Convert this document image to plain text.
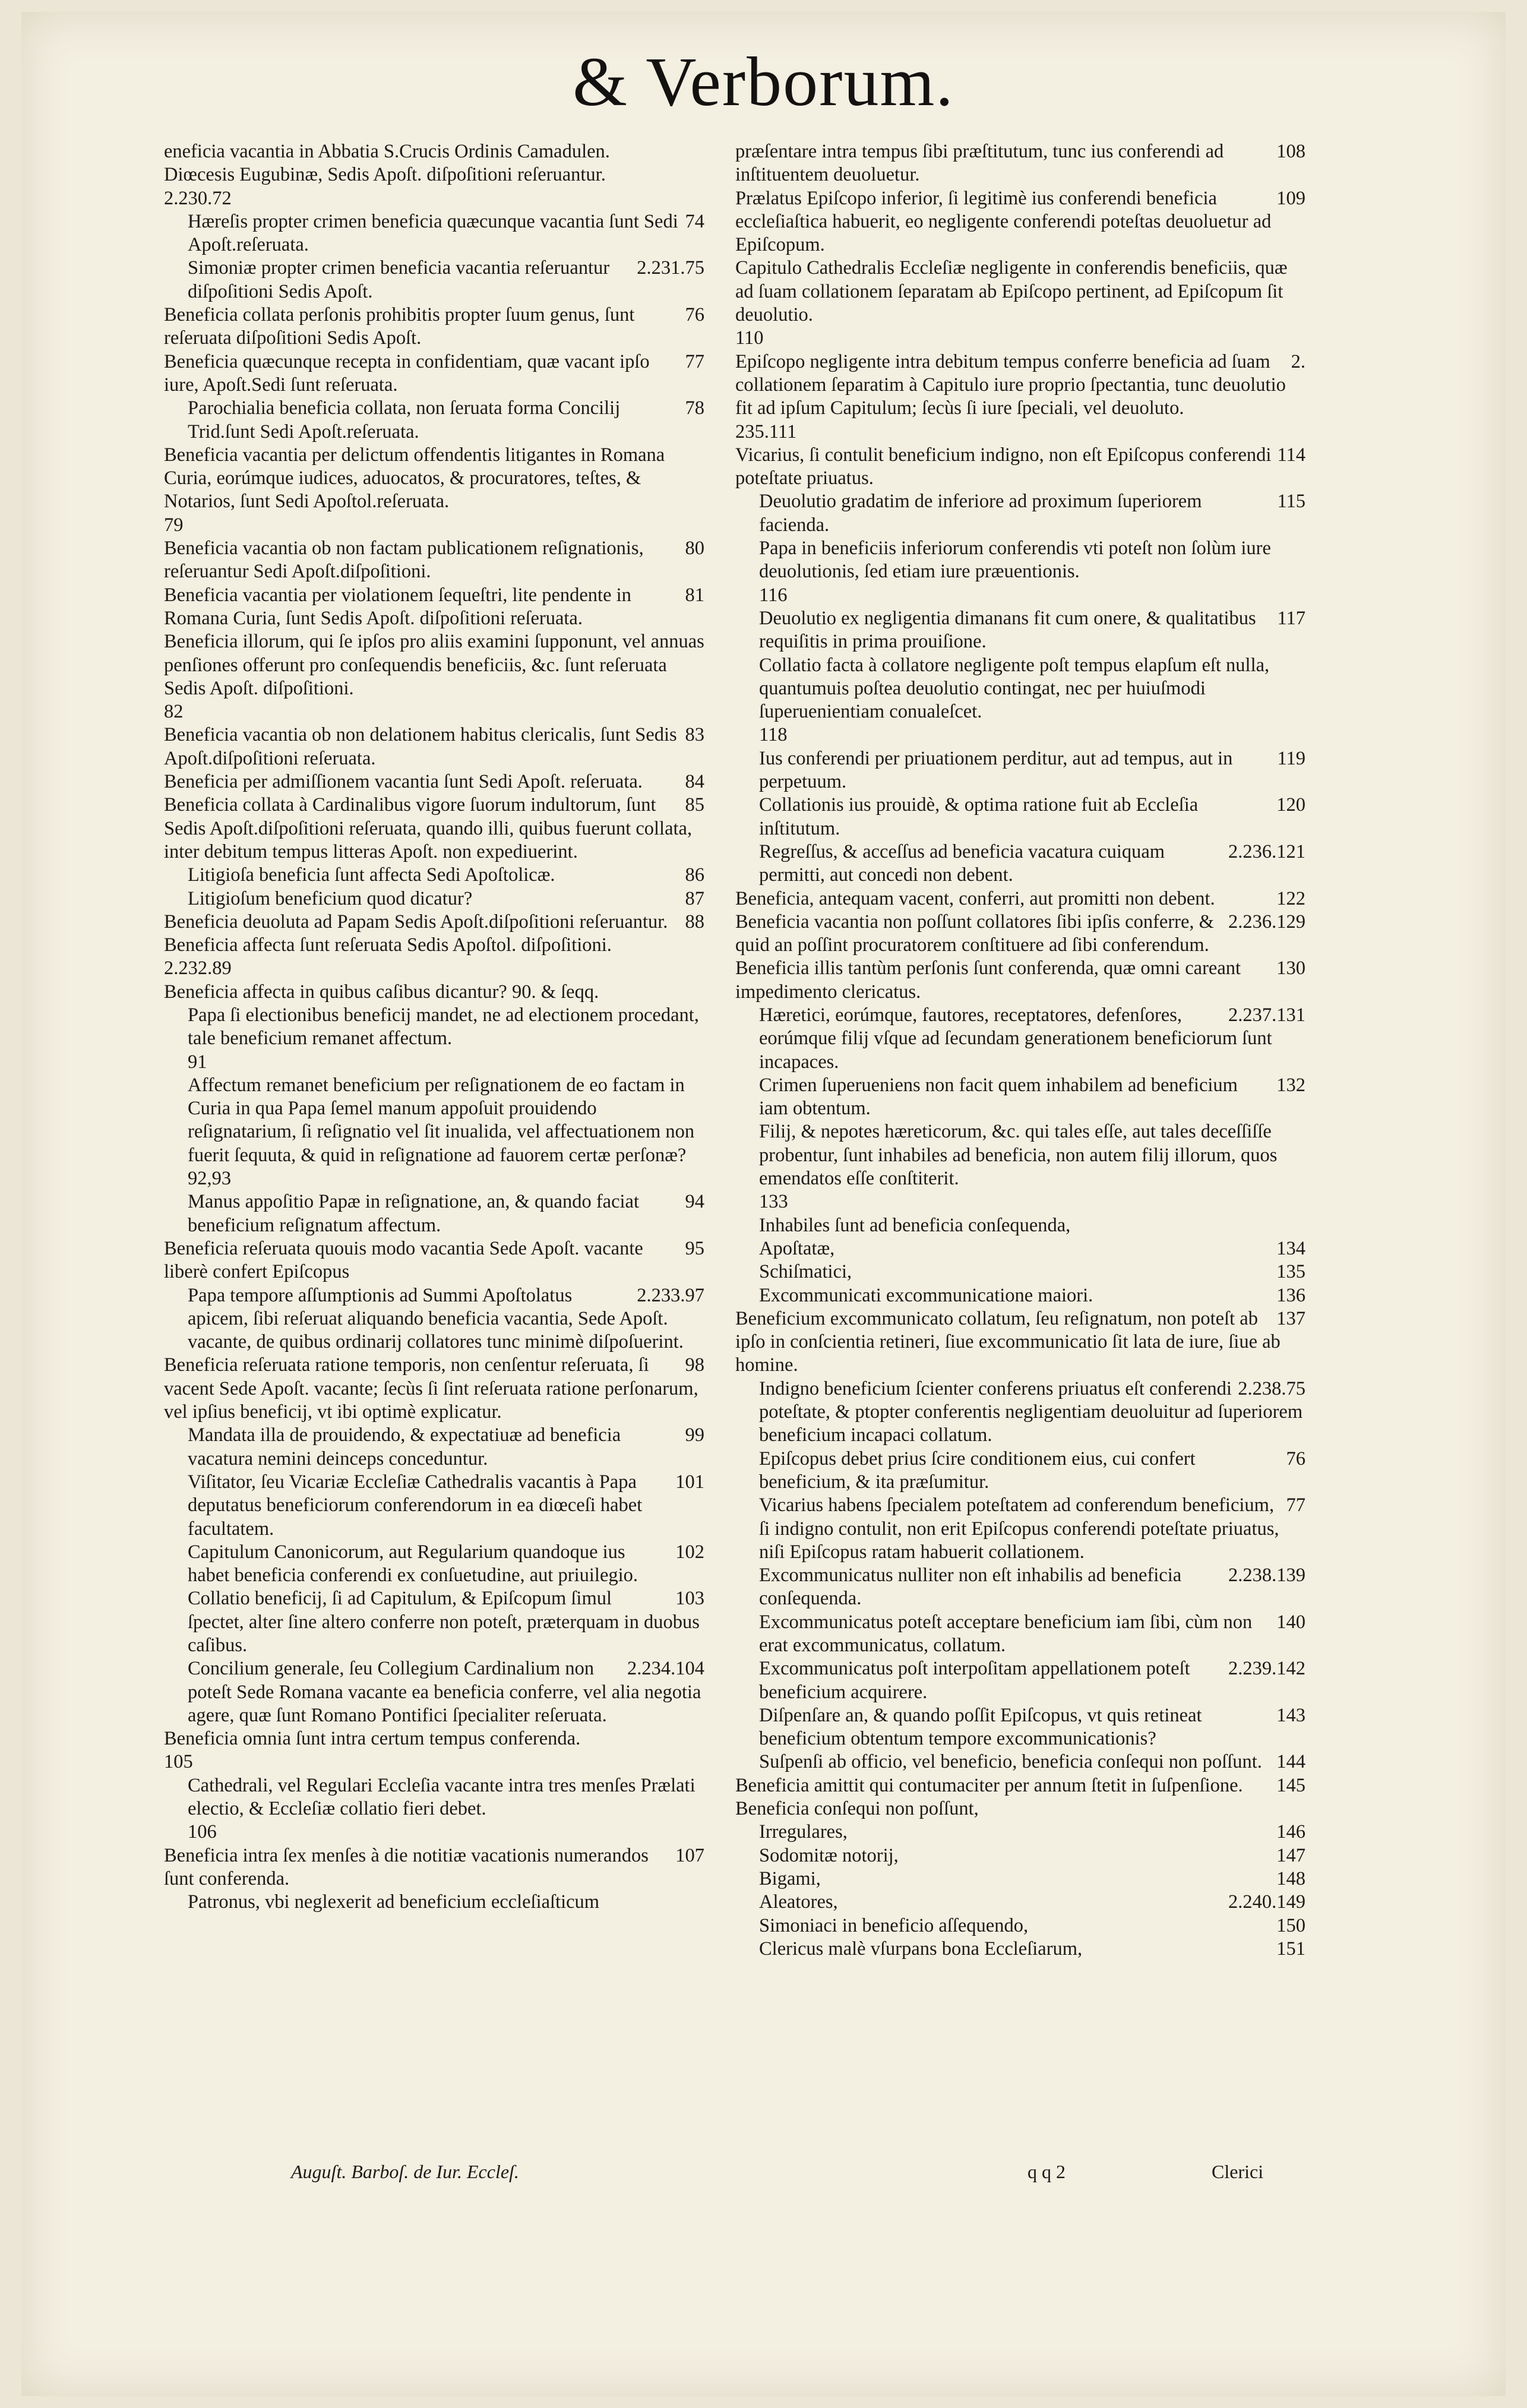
& Verborum.

eneficia vacantia in Abbatia S.Crucis Ordinis Camadulen.

Diœcesis Eugubinæ, Sedis Apoſt. diſpoſitioni reſeruantur.

2.230.72

74
Hæreſis propter crimen beneficia quæcunque vacantia ſunt Sedi Apoſt.reſeruata.

2.231.75
Simoniæ propter crimen beneficia vacantia reſeruantur diſpoſitioni Sedis Apoſt.

76
Beneficia collata perſonis prohibitis propter ſuum genus, ſunt reſeruata diſpoſitioni Sedis Apoſt.

77
Beneficia quæcunque recepta in confidentiam, quæ vacant ipſo iure, Apoſt.Sedi ſunt reſeruata.

78
Parochialia beneficia collata, non ſeruata forma Concilij Trid.ſunt Sedi Apoſt.reſeruata.

Beneficia vacantia per delictum offendentis litigantes in Romana Curia, eorúmque iudices, aduocatos, & procuratores, teſtes, & Notarios, ſunt Sedi Apoſtol.reſeruata.

79

80
Beneficia vacantia ob non factam publicationem reſignationis, reſeruantur Sedi Apoſt.diſpoſitioni.

81
Beneficia vacantia per violationem ſequeſtri, lite pendente in Romana Curia, ſunt Sedis Apoſt. diſpoſitioni reſeruata.

Beneficia illorum, qui ſe ipſos pro aliis examini ſupponunt, vel annuas penſiones offerunt pro conſequendis beneficiis, &c. ſunt reſeruata Sedis Apoſt. diſpoſitioni.

82

83
Beneficia vacantia ob non delationem habitus clericalis, ſunt Sedis Apoſt.diſpoſitioni reſeruata.

84
Beneficia per admiſſionem vacantia ſunt Sedi Apoſt. reſeruata.

85
Beneficia collata à Cardinalibus vigore ſuorum indultorum, ſunt Sedis Apoſt.diſpoſitioni reſeruata, quando illi, quibus fuerunt collata, inter debitum tempus litteras Apoſt. non expediuerint.

86
Litigioſa beneficia ſunt affecta Sedi Apoſtolicæ.

87
Litigioſum beneficium quod dicatur?

88
Beneficia deuoluta ad Papam Sedis Apoſt.diſpoſitioni reſeruantur.

Beneficia affecta ſunt reſeruata Sedis Apoſtol. diſpoſitioni.

2.232.89

Beneficia affecta in quibus caſibus dicantur? 90. & ſeqq.

Papa ſi electionibus beneficij mandet, ne ad electionem procedant, tale beneficium remanet affectum.

91

Affectum remanet beneficium per reſignationem de eo factam in Curia in qua Papa ſemel manum appoſuit prouidendo reſignatarium, ſi reſignatio vel ſit inualida, vel affectuationem non fuerit ſequuta, & quid in reſignatione ad fauorem certæ perſonæ?

92,93

94
Manus appoſitio Papæ in reſignatione, an, & quando faciat beneficium reſignatum affectum.

95
Beneficia reſeruata quouis modo vacantia Sede Apoſt. vacante liberè confert Epiſcopus

2.233.97
Papa tempore aſſumptionis ad Summi Apoſtolatus apicem, ſibi reſeruat aliquando beneficia vacantia, Sede Apoſt. vacante, de quibus ordinarij collatores tunc minimè diſpoſuerint.

98
Beneficia reſeruata ratione temporis, non cenſentur reſeruata, ſi vacent Sede Apoſt. vacante; ſecùs ſi ſint reſeruata ratione perſonarum, vel ipſius beneficij, vt ibi optimè explicatur.

99
Mandata illa de prouidendo, & expectatiuæ ad beneficia vacatura nemini deinceps conceduntur.

101
Viſitator, ſeu Vicariæ Eccleſiæ Cathedralis vacantis à Papa deputatus beneficiorum conferendorum in ea diœceſi habet facultatem.

102
Capitulum Canonicorum, aut Regularium quandoque ius habet beneficia conferendi ex conſuetudine, aut priuilegio.

103
Collatio beneficij, ſi ad Capitulum, & Epiſcopum ſimul ſpectet, alter ſine altero conferre non poteſt, præterquam in duobus caſibus.

2.234.104
Concilium generale, ſeu Collegium Cardinalium non poteſt Sede Romana vacante ea beneficia conferre, vel alia negotia agere, quæ ſunt Romano Pontifici ſpecialiter reſeruata.

Beneficia omnia ſunt intra certum tempus conferenda.

105

Cathedrali, vel Regulari Eccleſia vacante intra tres menſes Prælati electio, & Eccleſiæ collatio fieri debet.

106

107
Beneficia intra ſex menſes à die notitiæ vacationis numerandos ſunt conferenda.

Patronus, vbi neglexerit ad beneficium eccleſiaſticum

108
præſentare intra tempus ſibi præſtitutum, tunc ius conferendi ad inſtituentem deuoluetur.

109
Prælatus Epiſcopo inferior, ſi legitimè ius conferendi beneficia eccleſiaſtica habuerit, eo negligente conferendi poteſtas deuoluetur ad Epiſcopum.

Capitulo Cathedralis Eccleſiæ negligente in conferendis beneficiis, quæ ad ſuam collationem ſeparatam ab Epiſcopo pertinent, ad Epiſcopum ſit deuolutio.

110

2.
Epiſcopo negligente intra debitum tempus conferre beneficia ad ſuam collationem ſeparatim à Capitulo iure proprio ſpectantia, tunc deuolutio fit ad ipſum Capitulum; ſecùs ſi iure ſpeciali, vel deuoluto.

235.111

114
Vicarius, ſi contulit beneficium indigno, non eſt Epiſcopus conferendi poteſtate priuatus.

115
Deuolutio gradatim de inferiore ad proximum ſuperiorem facienda.

Papa in beneficiis inferiorum conferendis vti poteſt non ſolùm iure deuolutionis, ſed etiam iure præuentionis.

116

117
Deuolutio ex negligentia dimanans fit cum onere, & qualitatibus requiſitis in prima prouiſione.

Collatio facta à collatore negligente poſt tempus elapſum eſt nulla, quantumuis poſtea deuolutio contingat, nec per huiuſmodi ſuperuenientiam conualeſcet.

118

119
Ius conferendi per priuationem perditur, aut ad tempus, aut in perpetuum.

120
Collationis ius prouidè, & optima ratione fuit ab Eccleſia inſtitutum.

2.236.121
Regreſſus, & acceſſus ad beneficia vacatura cuiquam permitti, aut concedi non debent.

122
Beneficia, antequam vacent, conferri, aut promitti non debent.

2.236.129
Beneficia vacantia non poſſunt collatores ſibi ipſis conferre, & quid an poſſint procuratorem conſtituere ad ſibi conferendum.

130
Beneficia illis tantùm perſonis ſunt conferenda, quæ omni careant impedimento clericatus.

2.237.131
Hæretici, eorúmque, fautores, receptatores, defenſores, eorúmque filij vſque ad ſecundam generationem beneficiorum ſunt incapaces.

132
Crimen ſuperueniens non facit quem inhabilem ad beneficium iam obtentum.

Filij, & nepotes hæreticorum, &c. qui tales eſſe, aut tales deceſſiſſe probentur, ſunt inhabiles ad beneficia, non autem filij illorum, quos emendatos eſſe conſtiterit.

133

Inhabiles ſunt ad beneficia conſequenda,

134
Apoſtatæ,

135
Schiſmatici,

136
Excommunicati excommunicatione maiori.

137
Beneficium excommunicato collatum, ſeu reſignatum, non poteſt ab ipſo in conſcientia retineri, ſiue excommunicatio ſit lata de iure, ſiue ab homine.

2.238.75
Indigno beneficium ſcienter conferens priuatus eſt conferendi poteſtate, & ptopter conferentis negligentiam deuoluitur ad ſuperiorem beneficium incapaci collatum.

76
Epiſcopus debet prius ſcire conditionem eius, cui confert beneficium, & ita præſumitur.

77
Vicarius habens ſpecialem poteſtatem ad conferendum beneficium, ſi indigno contulit, non erit Epiſcopus conferendi poteſtate priuatus, niſi Epiſcopus ratam habuerit collationem.

2.238.139
Excommunicatus nulliter non eſt inhabilis ad beneficia conſequenda.

140
Excommunicatus poteſt acceptare beneficium iam ſibi, cùm non erat excommunicatus, collatum.

2.239.142
Excommunicatus poſt interpoſitam appellationem poteſt beneficium acquirere.

143
Diſpenſare an, & quando poſſit Epiſcopus, vt quis retineat beneficium obtentum tempore excommunicationis?

144
Suſpenſi ab officio, vel beneficio, beneficia conſequi non poſſunt.

145
Beneficia amittit qui contumaciter per annum ſtetit in ſuſpenſione.

Beneficia conſequi non poſſunt,

146
Irregulares,

147
Sodomitæ notorij,

148
Bigami,

2.240.149
Aleatores,

150
Simoniaci in beneficio aſſequendo,

151
Clericus malè vſurpans bona Eccleſiarum,

Auguſt. Barboſ. de Iur. Eccleſ.	q q 2	Clerici
